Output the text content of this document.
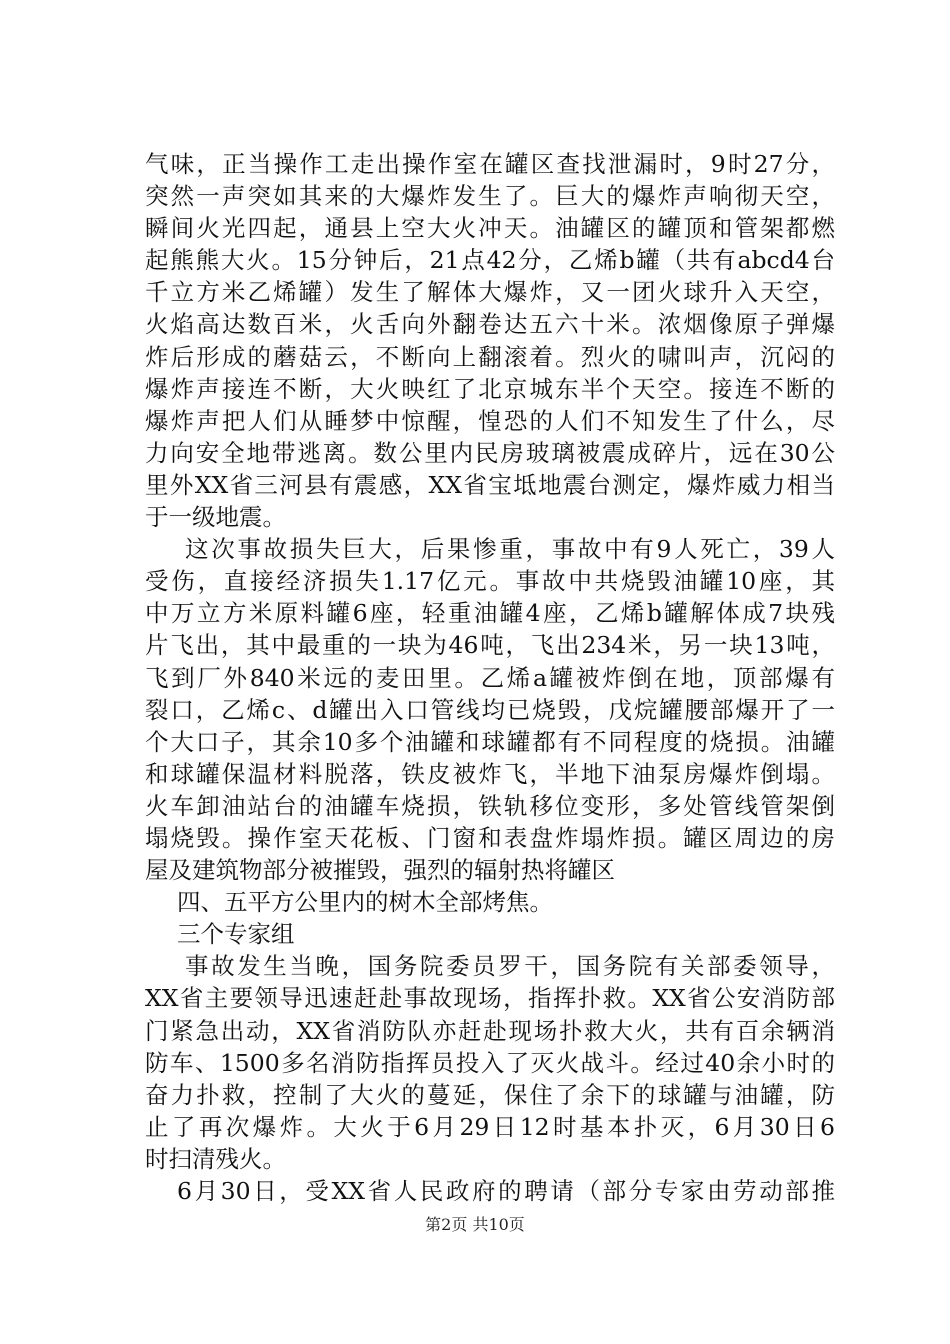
气味，正当操作工走出操作室在罐区查找泄漏时，9时27分，
突然一声突如其来的大爆炸发生了。巨大的爆炸声响彻天空，
瞬间火光四起，通县上空大火冲天。油罐区的罐顶和管架都燃
起熊熊大火。15分钟后，21点42分，乙烯b罐（共有abcd4台
千立方米乙烯罐）发生了解体大爆炸，又一团火球升入天空，
火焰高达数百米，火舌向外翻卷达五六十米。浓烟像原子弹爆
炸后形成的蘑菇云，不断向上翻滚着。烈火的啸叫声，沉闷的
爆炸声接连不断，大火映红了北京城东半个天空。接连不断的
爆炸声把人们从睡梦中惊醒，惶恐的人们不知发生了什么，尽
力向安全地带逃离。数公里内民房玻璃被震成碎片，远在30公
里外XX省三河县有震感，XX省宝坻地震台测定，爆炸威力相当
于一级地震。
这次事故损失巨大，后果惨重，事故中有9人死亡，39人
受伤，直接经济损失1.17亿元。事故中共烧毁油罐10座，其
中万立方米原料罐6座，轻重油罐4座，乙烯b罐解体成7块残
片飞出，其中最重的一块为46吨，飞出234米，另一块13吨，
飞到厂外840米远的麦田里。乙烯a罐被炸倒在地，顶部爆有
裂口，乙烯c、d罐出入口管线均已烧毁，戊烷罐腰部爆开了一
个大口子，其余10多个油罐和球罐都有不同程度的烧损。油罐
和球罐保温材料脱落，铁皮被炸飞，半地下油泵房爆炸倒塌。
火车卸油站台的油罐车烧损，铁轨移位变形，多处管线管架倒
塌烧毁。操作室天花板、门窗和表盘炸塌炸损。罐区周边的房
屋及建筑物部分被摧毁，强烈的辐射热将罐区
四、五平方公里内的树木全部烤焦。
三个专家组
事故发生当晚，国务院委员罗干，国务院有关部委领导，
XX省主要领导迅速赶赴事故现场，指挥扑救。XX省公安消防部
门紧急出动，XX省消防队亦赶赴现场扑救大火，共有百余辆消
防车、1500多名消防指挥员投入了灭火战斗。经过40余小时的
奋力扑救，控制了大火的蔓延，保住了余下的球罐与油罐，防
止了再次爆炸。大火于6月29日12时基本扑灭，6月30日6
时扫清残火。
6月30日，受XX省人民政府的聘请（部分专家由劳动部推
第2页 共10页
